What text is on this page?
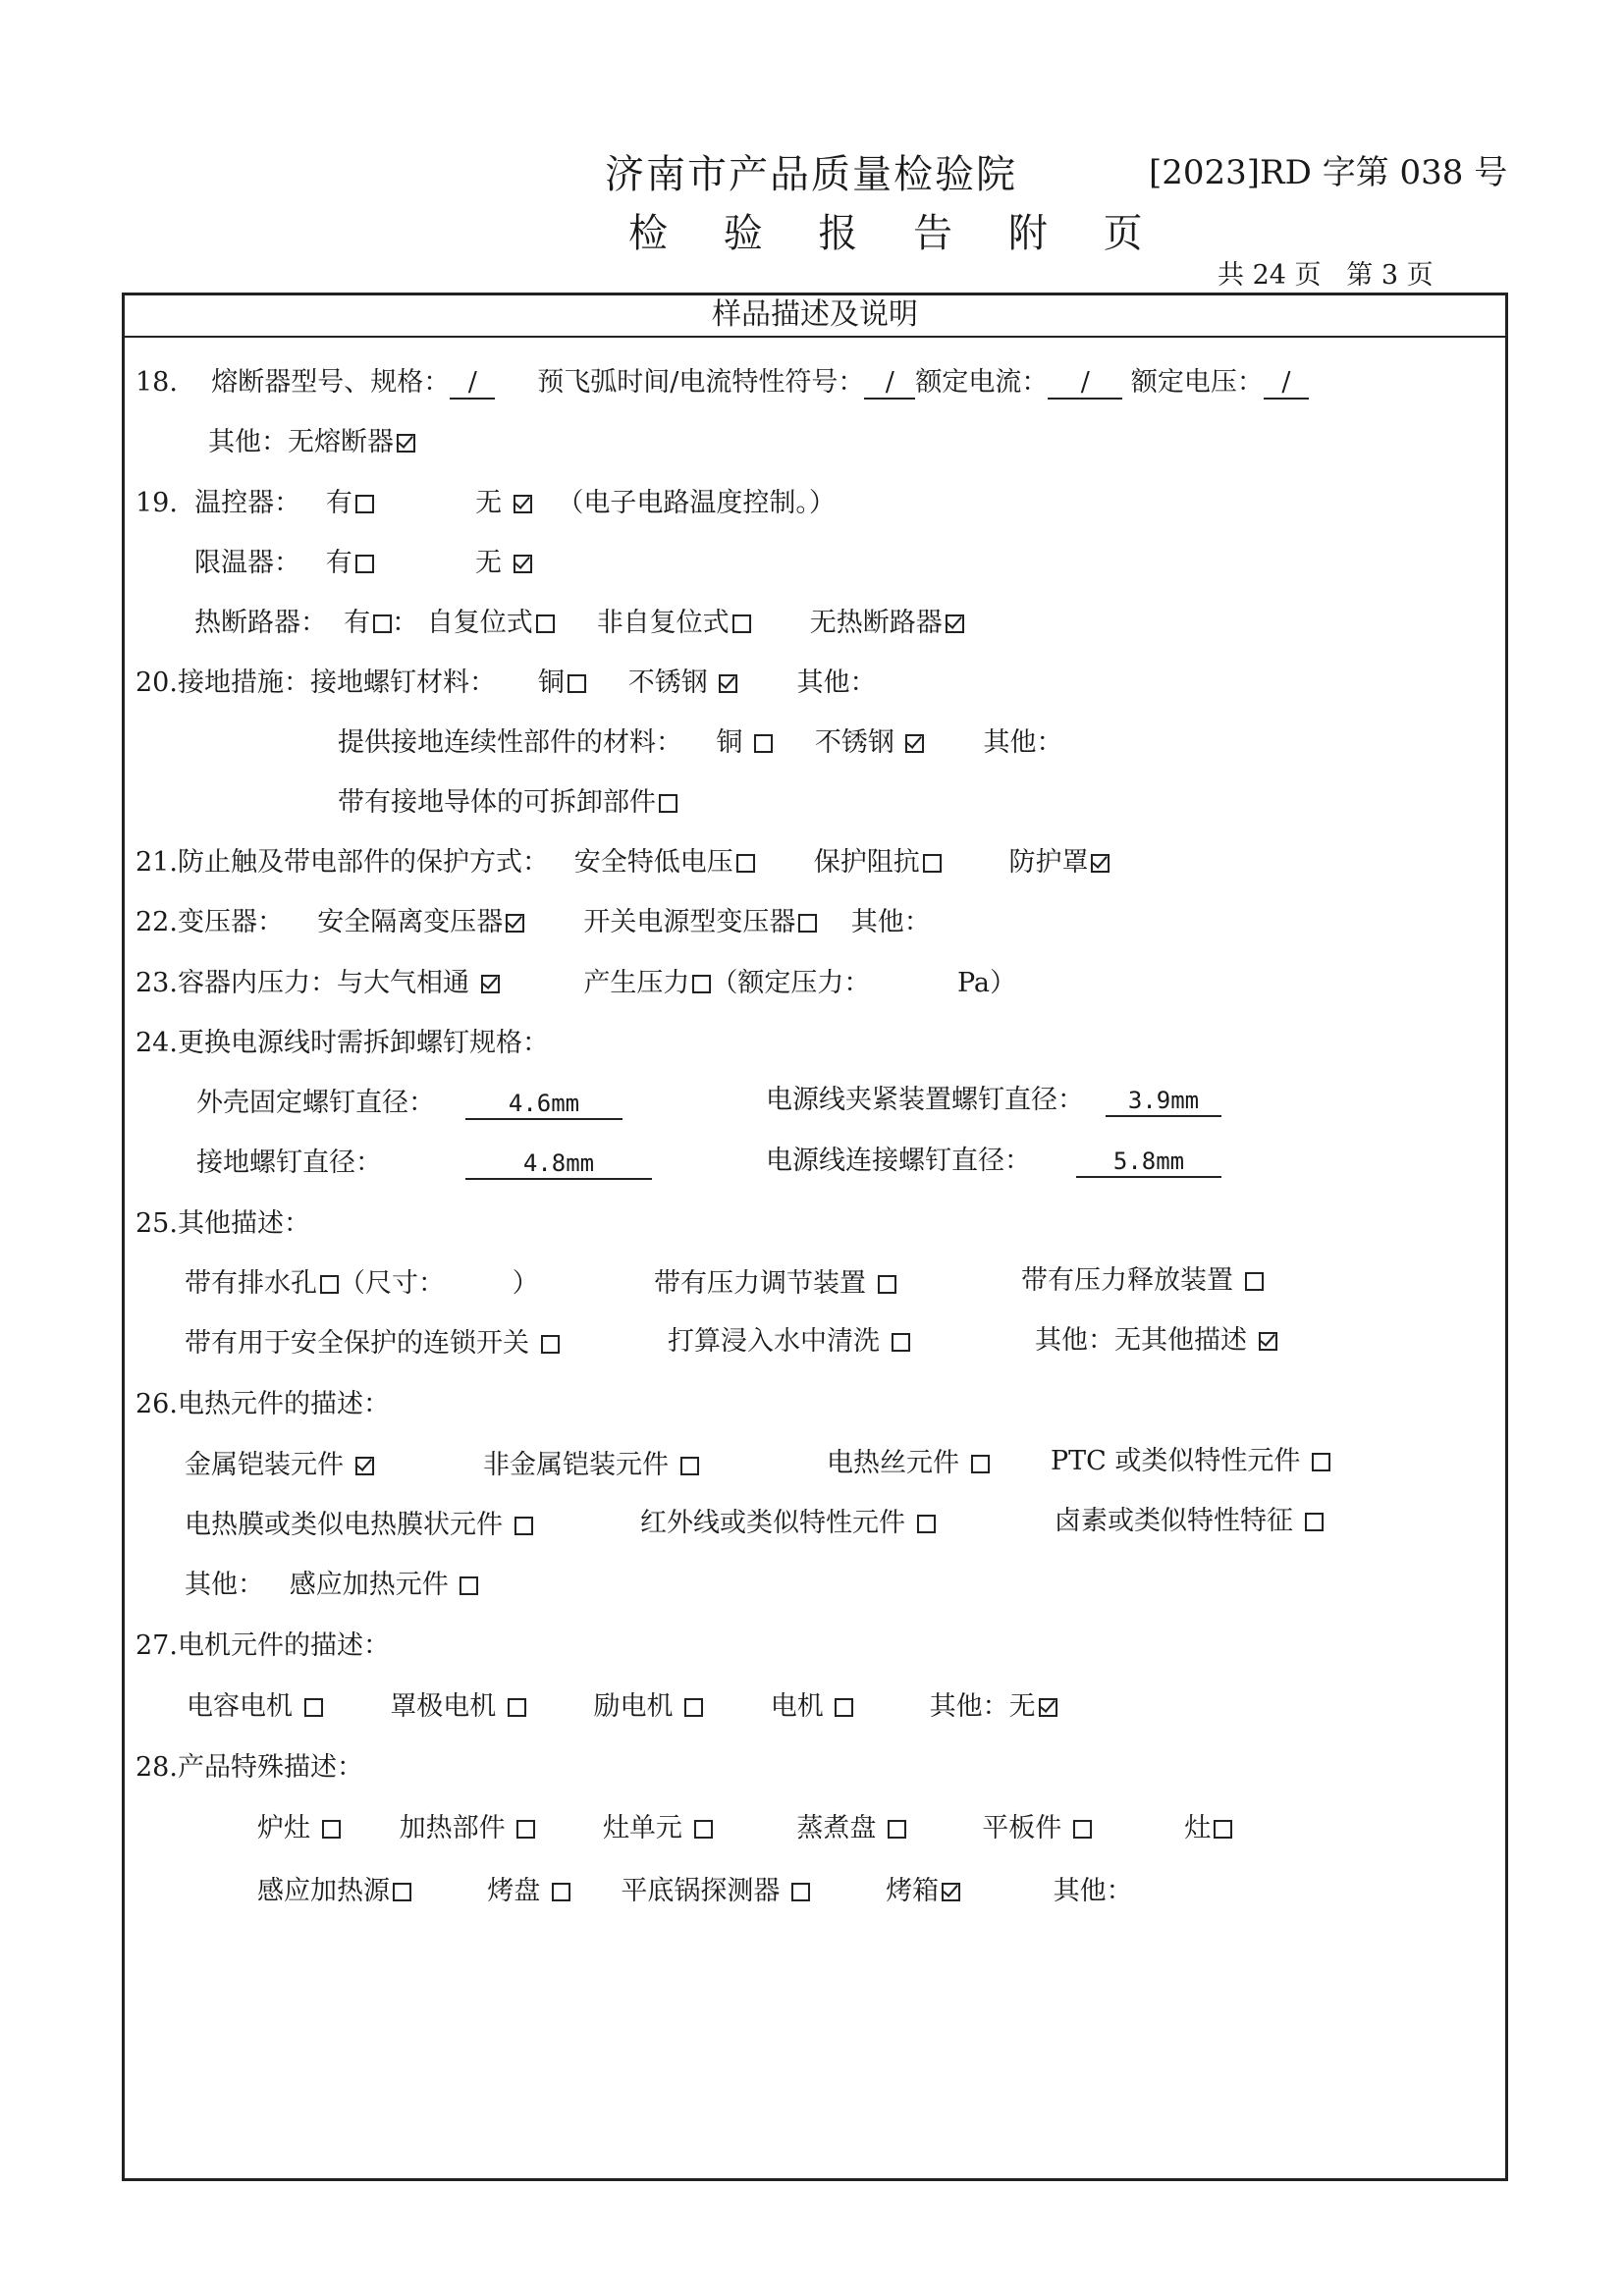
济南市产品质量检验院	[2023]RD 字第 038 号
检 验 报 告 附 页
共 24 页 第 3 页
样品描述及说明
18. 熔断器型号、规格： / 预飞弧时间/电流特性符号： / 额定电流： / 额定电压： /
其他：无熔断器
19. 温控器： 有	无 （电子电路温度控制。）
限温器： 有	无
热断路器： 有 ： 自复位式 非自复位式	无热断路器
20.接地措施：接地螺钉材料： 铜 不锈钢	其他：
提供接地连续性部件的材料： 铜	不锈钢	其他：
带有接地导体的可拆卸部件
21.防止触及带电部件的保护方式： 安全特低电压	保护阻抗	防护罩
22.变压器： 安全隔离变压器	开关电源型变压器 其他：
23.容器内压力：与大气相通	产生压力 （额定压力：	Pa）
24.更换电源线时需拆卸螺钉规格：
外壳固定螺钉直径：	4.6mm	电源线夹紧装置螺钉直径：	3.9mm
接地螺钉直径：	4.8mm	电源线连接螺钉直径：	5.8mm
25.其他描述：
带有排水孔 （尺寸：	）	带有压力调节装置	带有压力释放装置
带有用于安全保护的连锁开关	打算浸入水中清洗	其他：无其他描述
26.电热元件的描述：
金属铠装元件	非金属铠装元件	电热丝元件	PTC 或类似特性元件
电热膜或类似电热膜状元件	红外线或类似特性元件	卤素或类似特性特征
其他： 感应加热元件
27.电机元件的描述：
电容电机	罩极电机	励电机	电机	其他：无
28.产品特殊描述：
炉灶	加热部件	灶单元	蒸煮盘	平板件	灶
感应加热源	烤盘	平底锅探测器	烤箱	其他：
